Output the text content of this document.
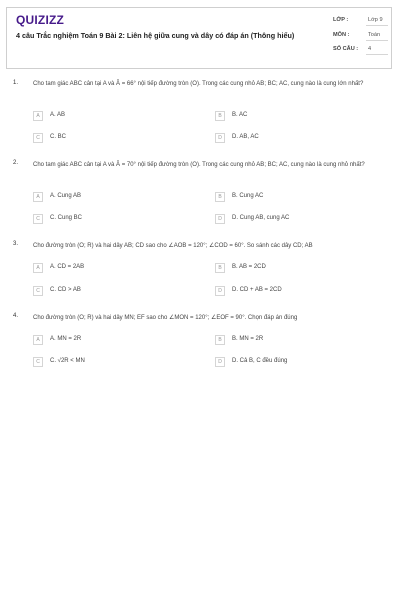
QUIZIZZ
4 câu Trắc nghiệm Toán 9 Bài 2: Liên hệ giữa cung và dây có đáp án (Thông hiểu)
LỚP :	Lớp 9
MÔN :	Toán
SỐ CÂU : 4
1. Cho tam giác ABC cân tại A và Â = 66° nội tiếp đường tròn (O). Trong các cung nhỏ AB; BC; AC, cung nào là cung lớn nhất?
A	A. AB	B	B. AC
C	C. BC	D	D. AB, AC
2. Cho tam giác ABC cân tại A và Â = 70° nội tiếp đường tròn (O). Trong các cung nhỏ AB; BC; AC, cung nào là cung nhỏ nhất?
A	A. Cung AB	B	B. Cung AC
C	C. Cung BC	D	D. Cung AB, cung AC
3. Cho đường tròn (O; R) và hai dây AB; CD sao cho ∠AOB = 120°; ∠COD = 60°. So sánh các dây CD; AB
A	A. CD = 2AB	B	B. AB = 2CD
C	C. CD > AB	D	D. CD + AB = 2CD
4. Cho đường tròn (O; R) và hai dây MN; EF sao cho ∠MON = 120°; ∠EOF = 90°. Chọn đáp án đúng
A	A. MN = 2R	B	B. MN = 2R
C	C. √2R < MN	D	D. Cả B, C đều đúng
